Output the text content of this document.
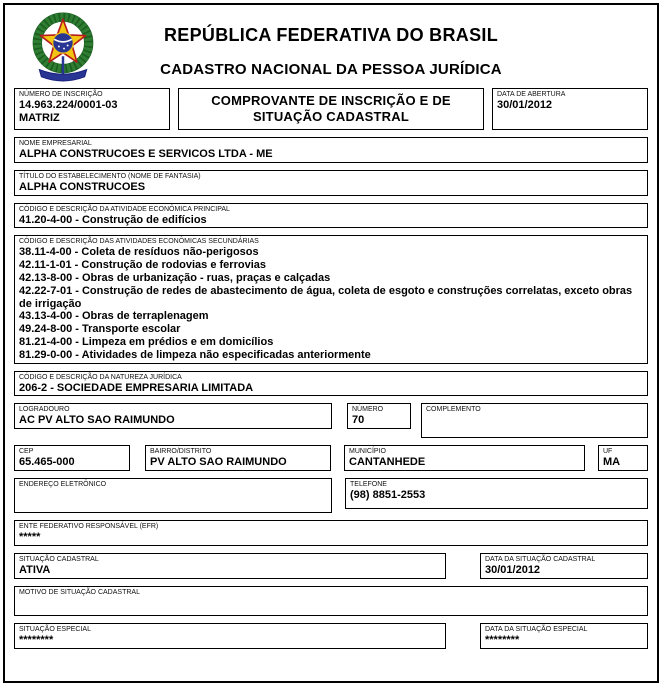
REPÚBLICA FEDERATIVA DO BRASIL
CADASTRO NACIONAL DA PESSOA JURÍDICA
NÚMERO DE INSCRIÇÃO
14.963.224/0001-03
MATRIZ
COMPROVANTE DE INSCRIÇÃO E DE
SITUAÇÃO CADASTRAL
DATA DE ABERTURA
30/01/2012
NOME EMPRESARIAL
ALPHA CONSTRUCOES E SERVICOS LTDA - ME
TÍTULO DO ESTABELECIMENTO (NOME DE FANTASIA)
ALPHA CONSTRUCOES
CÓDIGO E DESCRIÇÃO DA ATIVIDADE ECONÔMICA PRINCIPAL
41.20-4-00 - Construção de edifícios
CÓDIGO E DESCRIÇÃO DAS ATIVIDADES ECONÔMICAS SECUNDÁRIAS
38.11-4-00 - Coleta de resíduos não-perigosos
42.11-1-01 - Construção de rodovias e ferrovias
42.13-8-00 - Obras de urbanização - ruas, praças e calçadas
42.22-7-01 - Construção de redes de abastecimento de água, coleta de esgoto e construções correlatas, exceto obras de irrigação
43.13-4-00 - Obras de terraplenagem
49.24-8-00 - Transporte escolar
81.21-4-00 - Limpeza em prédios e em domicílios
81.29-0-00 - Atividades de limpeza não especificadas anteriormente
CÓDIGO E DESCRIÇÃO DA NATUREZA JURÍDICA
206-2 - SOCIEDADE EMPRESARIA LIMITADA
LOGRADOURO
AC PV ALTO SAO RAIMUNDO
NÚMERO
70
COMPLEMENTO
CEP
65.465-000
BAIRRO/DISTRITO
PV ALTO SAO RAIMUNDO
MUNICÍPIO
CANTANHEDE
UF
MA
ENDEREÇO ELETRÔNICO	TELEFONE
(98) 8851-2553
ENTE FEDERATIVO RESPONSÁVEL (EFR)
*****
SITUAÇÃO CADASTRAL
ATIVA
DATA DA SITUAÇÃO CADASTRAL
30/01/2012
MOTIVO DE SITUAÇÃO CADASTRAL
SITUAÇÃO ESPECIAL
********
DATA DA SITUAÇÃO ESPECIAL
********
